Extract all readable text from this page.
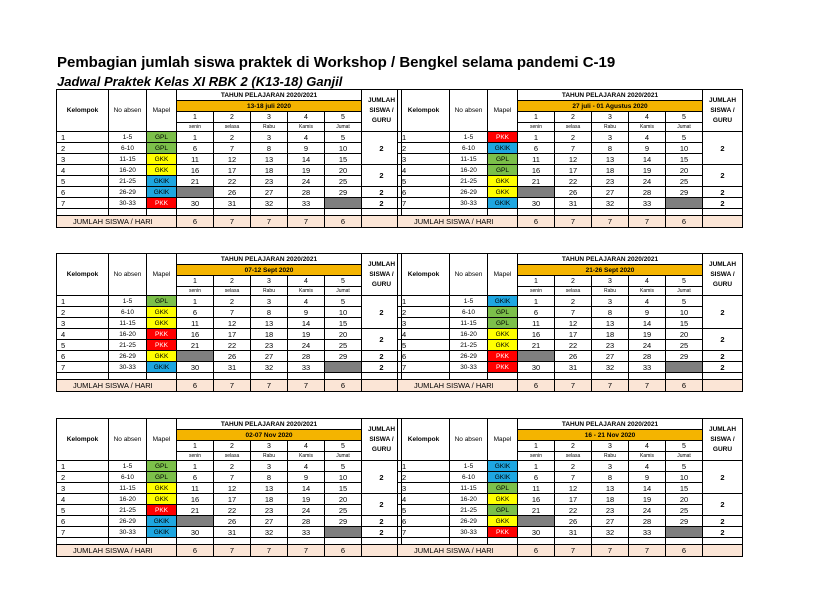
Pembagian jumlah siswa praktek di Workshop / Bengkel selama pandemi C-19
Jadwal Praktek Kelas XI RBK 2 (K13-18) Ganjil
Kelompok	No absen	Mapel	TAHUN PELAJARAN 2020/2021					JUMLAH SISWA / GURU
			13-18 juli 2020					
			1	2	3	4	5	
			senin	selasa	Rabu	Kamis	Jumat	
1	1-5	GPL	1	2	3	4	5	2
2	6-10	GPL	6	7	8	9	10	
3	11-15	GKK	11	12	13	14	15	
4	16-20	GKK	16	17	18	19	20	2
5	21-25	GKIK	21	22	23	24	25	
6	26-29	GKIK		26	27	28	29	2
7	30-33	PKK	30	31	32	33		2

JUMLAH SISWA / HARI			6	7	7	7	6	
Kelompok	No absen	Mapel	TAHUN PELAJARAN 2020/2021					JUMLAH SISWA / GURU
			27 juli - 01 Agustus 2020					
			1	2	3	4	5	
			senin	selasa	Rabu	Kamis	Jumat	
1	1-5	PKK	1	2	3	4	5	2
2	6-10	GKIK	6	7	8	9	10	
3	11-15	GPL	11	12	13	14	15	
4	16-20	GPL	16	17	18	19	20	2
5	21-25	GKK	21	22	23	24	25	
6	26-29	GKK		26	27	28	29	2
7	30-33	GKIK	30	31	32	33		2

JUMLAH SISWA / HARI			6	7	7	7	6	
Kelompok	No absen	Mapel	TAHUN PELAJARAN 2020/2021					JUMLAH SISWA / GURU
			07-12 Sept 2020					
			1	2	3	4	5	
			senin	selasa	Rabu	Kamis	Jumat	
1	1-5	GPL	1	2	3	4	5	2
2	6-10	GKK	6	7	8	9	10	
3	11-15	GKK	11	12	13	14	15	
4	16-20	PKK	16	17	18	19	20	2
5	21-25	PKK	21	22	23	24	25	
6	26-29	GKK		26	27	28	29	2
7	30-33	GKIK	30	31	32	33		2

JUMLAH SISWA / HARI			6	7	7	7	6	
Kelompok	No absen	Mapel	TAHUN PELAJARAN 2020/2021					JUMLAH SISWA / GURU
			21-26 Sept 2020					
			1	2	3	4	5	
			senin	selasa	Rabu	Kamis	Jumat	
1	1-5	GKIK	1	2	3	4	5	2
2	6-10	GPL	6	7	8	9	10	
3	11-15	GPL	11	12	13	14	15	
4	16-20	GKK	16	17	18	19	20	2
5	21-25	GKK	21	22	23	24	25	
6	26-29	PKK		26	27	28	29	2
7	30-33	PKK	30	31	32	33		2

JUMLAH SISWA / HARI			6	7	7	7	6	
Kelompok	No absen	Mapel	TAHUN PELAJARAN 2020/2021					JUMLAH SISWA / GURU
			02-07 Nov 2020					
			1	2	3	4	5	
			senin	selasa	Rabu	Kamis	Jumat	
1	1-5	GPL	1	2	3	4	5	2
2	6-10	GPL	6	7	8	9	10	
3	11-15	GKK	11	12	13	14	15	
4	16-20	GKK	16	17	18	19	20	2
5	21-25	PKK	21	22	23	24	25	
6	26-29	GKIK		26	27	28	29	2
7	30-33	GKIK	30	31	32	33		2

JUMLAH SISWA / HARI			6	7	7	7	6	
Kelompok	No absen	Mapel	TAHUN PELAJARAN 2020/2021					JUMLAH SISWA / GURU
			16 - 21 Nov 2020					
			1	2	3	4	5	
			senin	selasa	Rabu	Kamis	Jumat	
1	1-5	GKIK	1	2	3	4	5	2
2	6-10	GKIK	6	7	8	9	10	
3	11-15	GPL	11	12	13	14	15	
4	16-20	GKK	16	17	18	19	20	2
5	21-25	GPL	21	22	23	24	25	
6	26-29	GKK		26	27	28	29	2
7	30-33	PKK	30	31	32	33		2

JUMLAH SISWA / HARI			6	7	7	7	6	
